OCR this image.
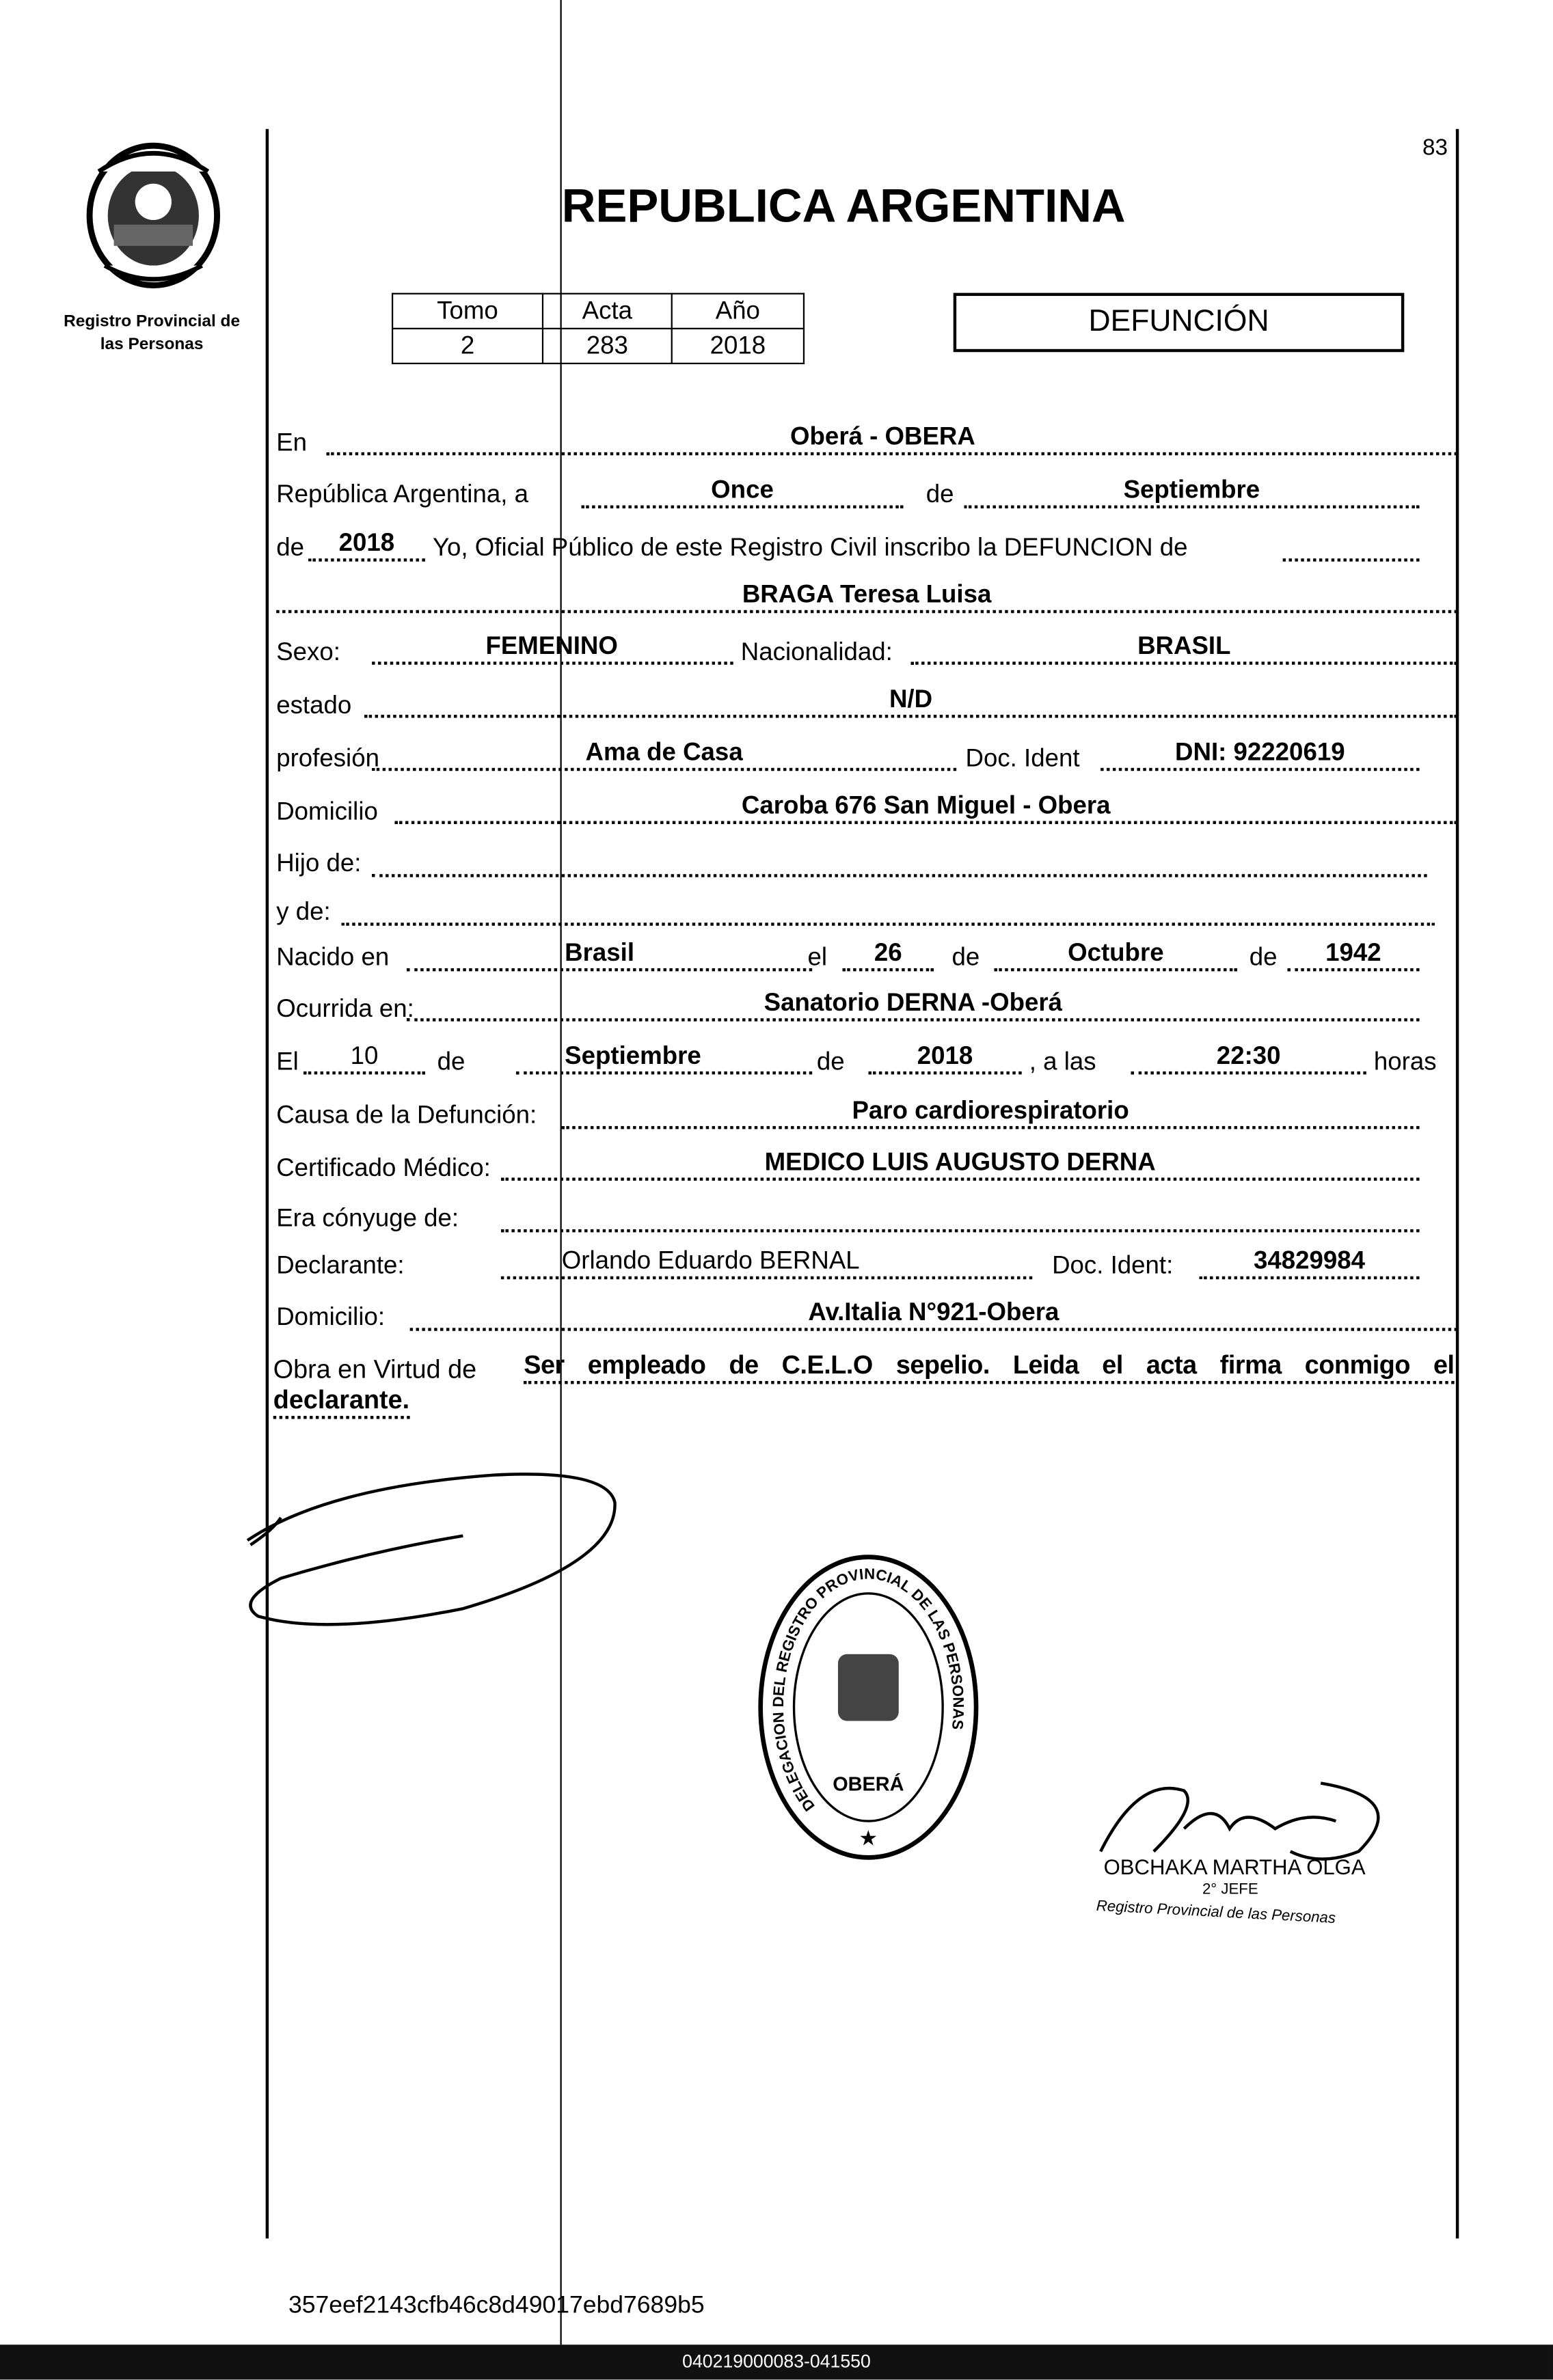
Registro Provincial de
las Personas
83
REPUBLICA ARGENTINA
Tomo	Acta	Año
2	283	2018
DEFUNCIÓN
En	Oberá - OBERA
República Argentina, a	Once	de	Septiembre
de	2018	Yo, Oficial Público de este Registro Civil inscribo la DEFUNCION de
BRAGA Teresa Luisa
Sexo:	FEMENINO	Nacionalidad:	BRASIL
estado	N/D
profesión	Ama de Casa	Doc. Ident	DNI: 92220619
Domicilio	Caroba 676 San Miguel - Obera
Hijo de:
y de:
Nacido en	Brasil	el	26	de	Octubre	de	1942
Ocurrida en:	Sanatorio DERNA -Oberá
El	10	de	Septiembre	de	2018	, a las	22:30	horas
Causa de la Defunción:	Paro cardiorespiratorio
Certificado Médico:	MEDICO LUIS AUGUSTO DERNA
Era cónyuge de:
Declarante:	Orlando Eduardo BERNAL	Doc. Ident:	34829984
Domicilio:	Av.Italia N°921-Obera
Obra en Virtud de	Ser empleado de C.E.L.O sepelio. Leida el acta firma conmigo el
declarante.
DELEGACION DEL REGISTRO PROVINCIAL DE LAS PERSONAS
OBERÁ
★
OBCHAKA MARTHA OLGA
2° JEFE
Registro Provincial de las Personas
357eef2143cfb46c8d49017ebd7689b5
040219000083-041550
